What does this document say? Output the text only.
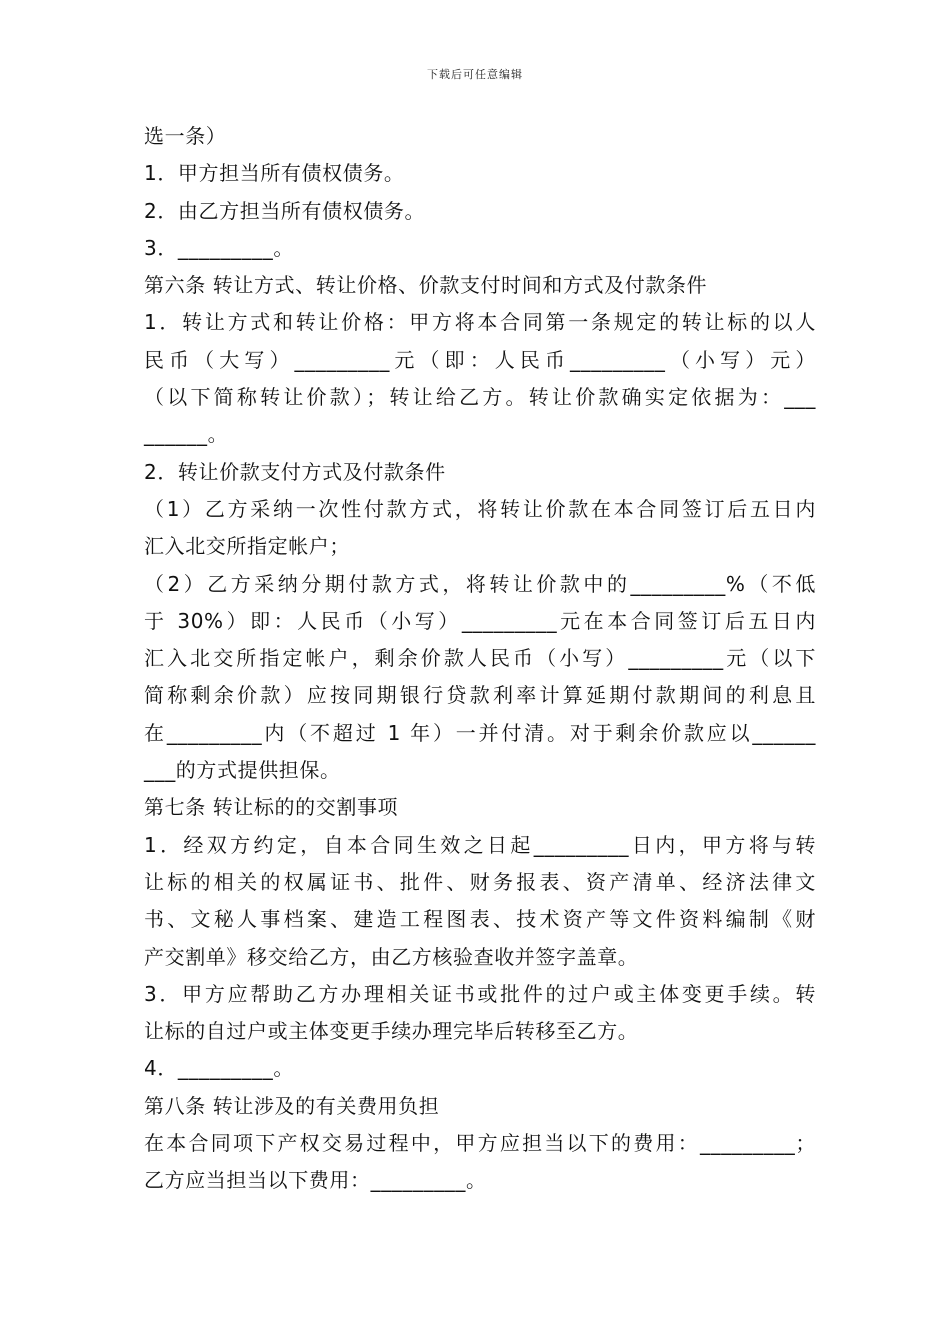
下载后可任意编辑
选一条）
1．甲方担当所有债权债务。
2．由乙方担当所有债权债务。
3．_________。
第六条 转让方式、转让价格、价款支付时间和方式及付款条件
1．转让方式和转让价格：甲方将本合同第一条规定的转让标的以人
民币（大写）_________元（即：人民币_________（小写）元）
（以下简称转让价款）；转让给乙方。转让价款确实定依据为：___
______。
2．转让价款支付方式及付款条件
（1）乙方采纳一次性付款方式，将转让价款在本合同签订后五日内
汇入北交所指定帐户；
（2）乙方采纳分期付款方式，将转让价款中的_________%（不低
于 30%）即：人民币（小写）_________元在本合同签订后五日内
汇入北交所指定帐户，剩余价款人民币（小写）_________元（以下
简称剩余价款）应按同期银行贷款利率计算延期付款期间的利息且
在_________内（不超过 1 年）一并付清。对于剩余价款应以______
___的方式提供担保。
第七条 转让标的的交割事项
1．经双方约定，自本合同生效之日起_________日内，甲方将与转
让标的相关的权属证书、批件、财务报表、资产清单、经济法律文
书、文秘人事档案、建造工程图表、技术资产等文件资料编制《财
产交割单》移交给乙方，由乙方核验查收并签字盖章。
3．甲方应帮助乙方办理相关证书或批件的过户或主体变更手续。转
让标的自过户或主体变更手续办理完毕后转移至乙方。
4．_________。
第八条 转让涉及的有关费用负担
在本合同项下产权交易过程中，甲方应担当以下的费用：_________；
乙方应当担当以下费用：_________。
